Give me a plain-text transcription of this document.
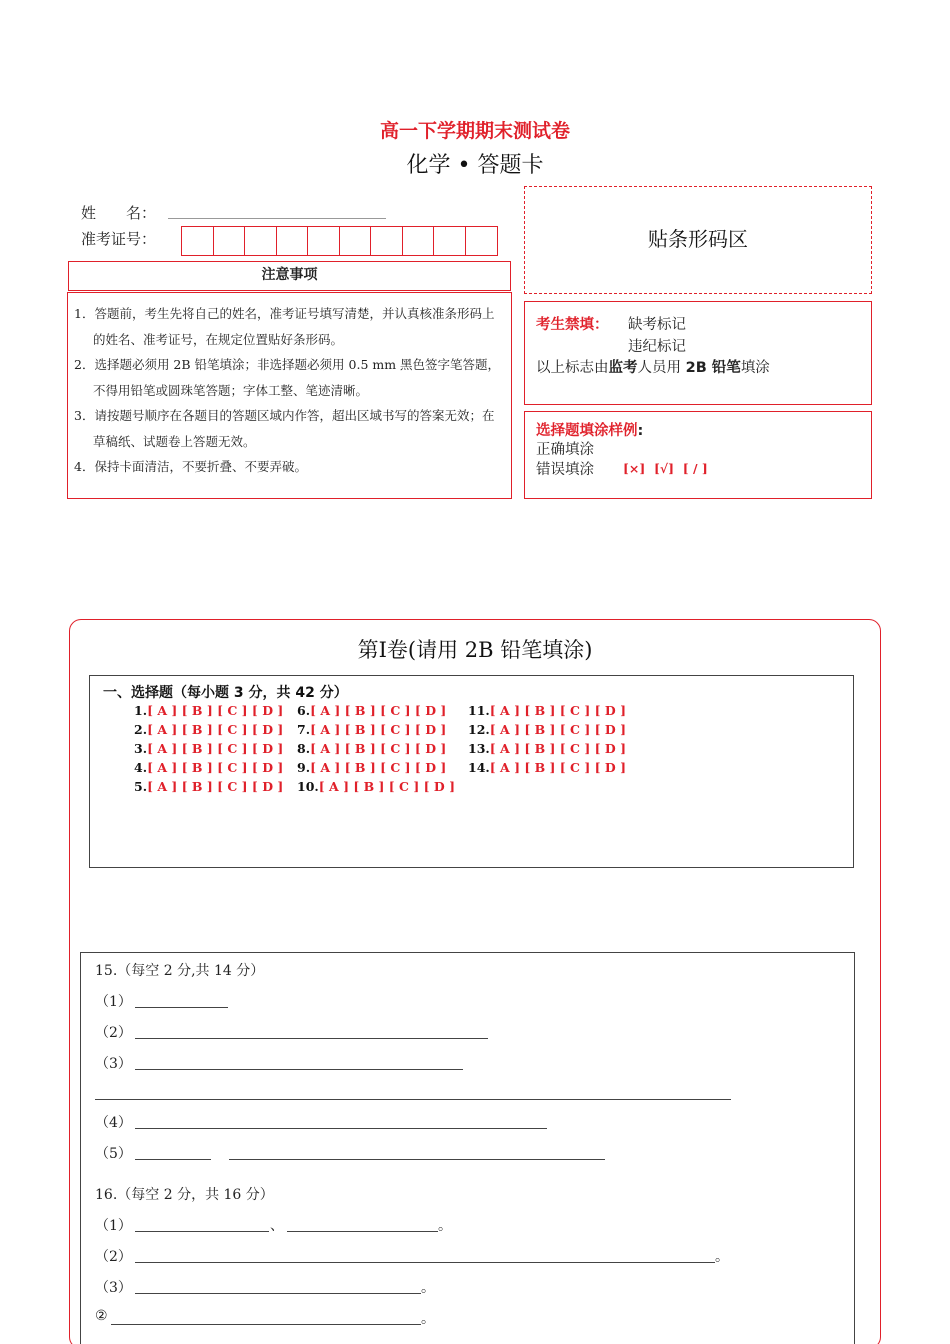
高一下学期期末测试卷
化学 • 答题卡
姓　　名：
准考证号：
注意事项

1．答题前，考生先将自己的姓名，准考证号填写清楚，并认真核准条形码上的姓名、准考证号，在规定位置贴好条形码。

2．选择题必须用 2B 铅笔填涂；非选择题必须用 0.5 mm 黑色签字笔答题，不得用铅笔或圆珠笔答题；字体工整、笔迹清晰。

3．请按题号顺序在各题目的答题区域内作答，超出区域书写的答案无效；在草稿纸、试题卷上答题无效。

4．保持卡面清洁，不要折叠、不要弄破。

贴条形码区
考生禁填： 缺考标记
违纪标记
以上标志由监考人员用 2B 铅笔填涂
选择题填涂样例:
正确填涂
错误填涂 [×]  [√]  [ / ]
第Ⅰ卷(请用 2B 铅笔填涂)
一、选择题（每小题 3 分，共 42 分）
1.[ A ] [ B ] [ C ] [ D ]
2.[ A ] [ B ] [ C ] [ D ]
3.[ A ] [ B ] [ C ] [ D ]
4.[ A ] [ B ] [ C ] [ D ]
5.[ A ] [ B ] [ C ] [ D ]
6.[ A ] [ B ] [ C ] [ D ]
7.[ A ] [ B ] [ C ] [ D ]
8.[ A ] [ B ] [ C ] [ D ]
9.[ A ] [ B ] [ C ] [ D ]
10.[ A ] [ B ] [ C ] [ D ]
11.[ A ] [ B ] [ C ] [ D ]
12.[ A ] [ B ] [ C ] [ D ]
13.[ A ] [ B ] [ C ] [ D ]
14.[ A ] [ B ] [ C ] [ D ]
15.（每空 2 分,共 14 分）
（1）
（2）
（3）
（4）
（5）
16.（每空 2 分，共 16 分）
（1）	、	。
（2）	。
（3）	。
②	。
